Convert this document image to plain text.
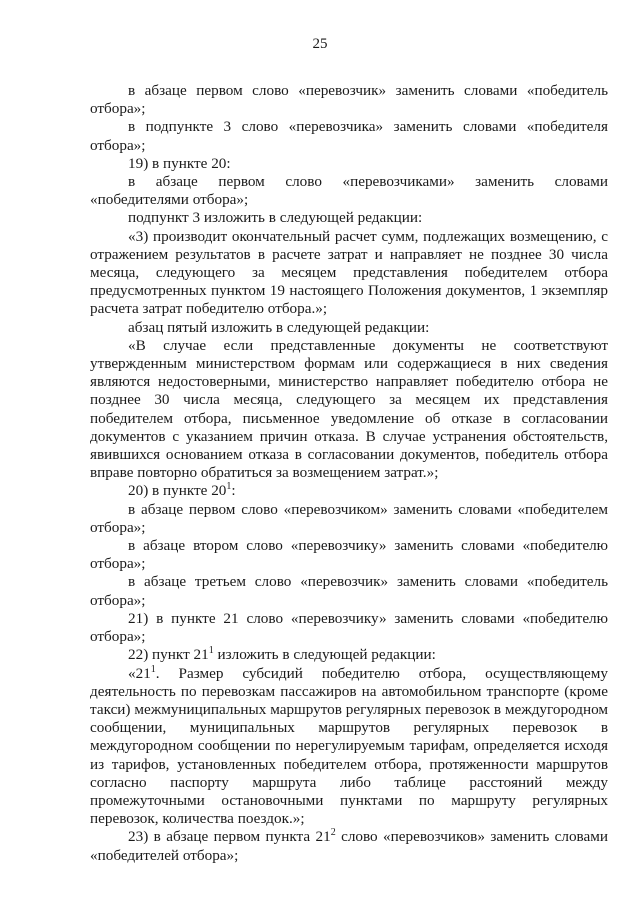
25

в абзаце первом слово «перевозчик» заменить словами «победитель отбора»;

в подпункте 3 слово «перевозчика» заменить словами «победителя отбора»;

19) в пункте 20:

в абзаце первом слово «перевозчиками» заменить словами «победителями отбора»;

подпункт 3 изложить в следующей редакции:

«3) производит окончательный расчет сумм, подлежащих возмещению, с отражением результатов в расчете затрат и направляет не позднее 30 числа месяца, следующего за месяцем представления победителем отбора предусмотренных пунктом 19 настоящего Положения документов, 1 экземпляр расчета затрат победителю отбора.»;

абзац пятый изложить в следующей редакции:

«В случае если представленные документы не соответствуют утвержденным министерством формам или содержащиеся в них сведения являются недостоверными, министерство направляет победителю отбора не позднее 30 числа месяца, следующего за месяцем их представления победителем отбора, письменное уведомление об отказе в согласовании документов с указанием причин отказа. В случае устранения обстоятельств, явившихся основанием отказа в согласовании документов, победитель отбора вправе повторно обратиться за возмещением затрат.»;

20) в пункте $20^1$:

в абзаце первом слово «перевозчиком» заменить словами «победителем отбора»;

в абзаце втором слово «перевозчику» заменить словами «победителю отбора»;

в абзаце третьем слово «перевозчик» заменить словами «победитель отбора»;

21) в пункте 21 слово «перевозчику» заменить словами «победителю отбора»;

22) пункт $21^1$ изложить в следующей редакции:

«$21^1$. Размер субсидий победителю отбора, осуществляющему деятельность по перевозкам пассажиров на автомобильном транспорте (кроме такси) межмуниципальных маршрутов регулярных перевозок в междугородном сообщении, муниципальных маршрутов регулярных перевозок в междугородном сообщении по нерегулируемым тарифам, определяется исходя из тарифов, установленных победителем отбора, протяженности маршрутов согласно паспорту маршрута либо таблице расстояний между промежуточными остановочными пунктами по маршруту регулярных перевозок, количества поездок.»;

23) в абзаце первом пункта $21^2$ слово «перевозчиков» заменить словами «победителей отбора»;
